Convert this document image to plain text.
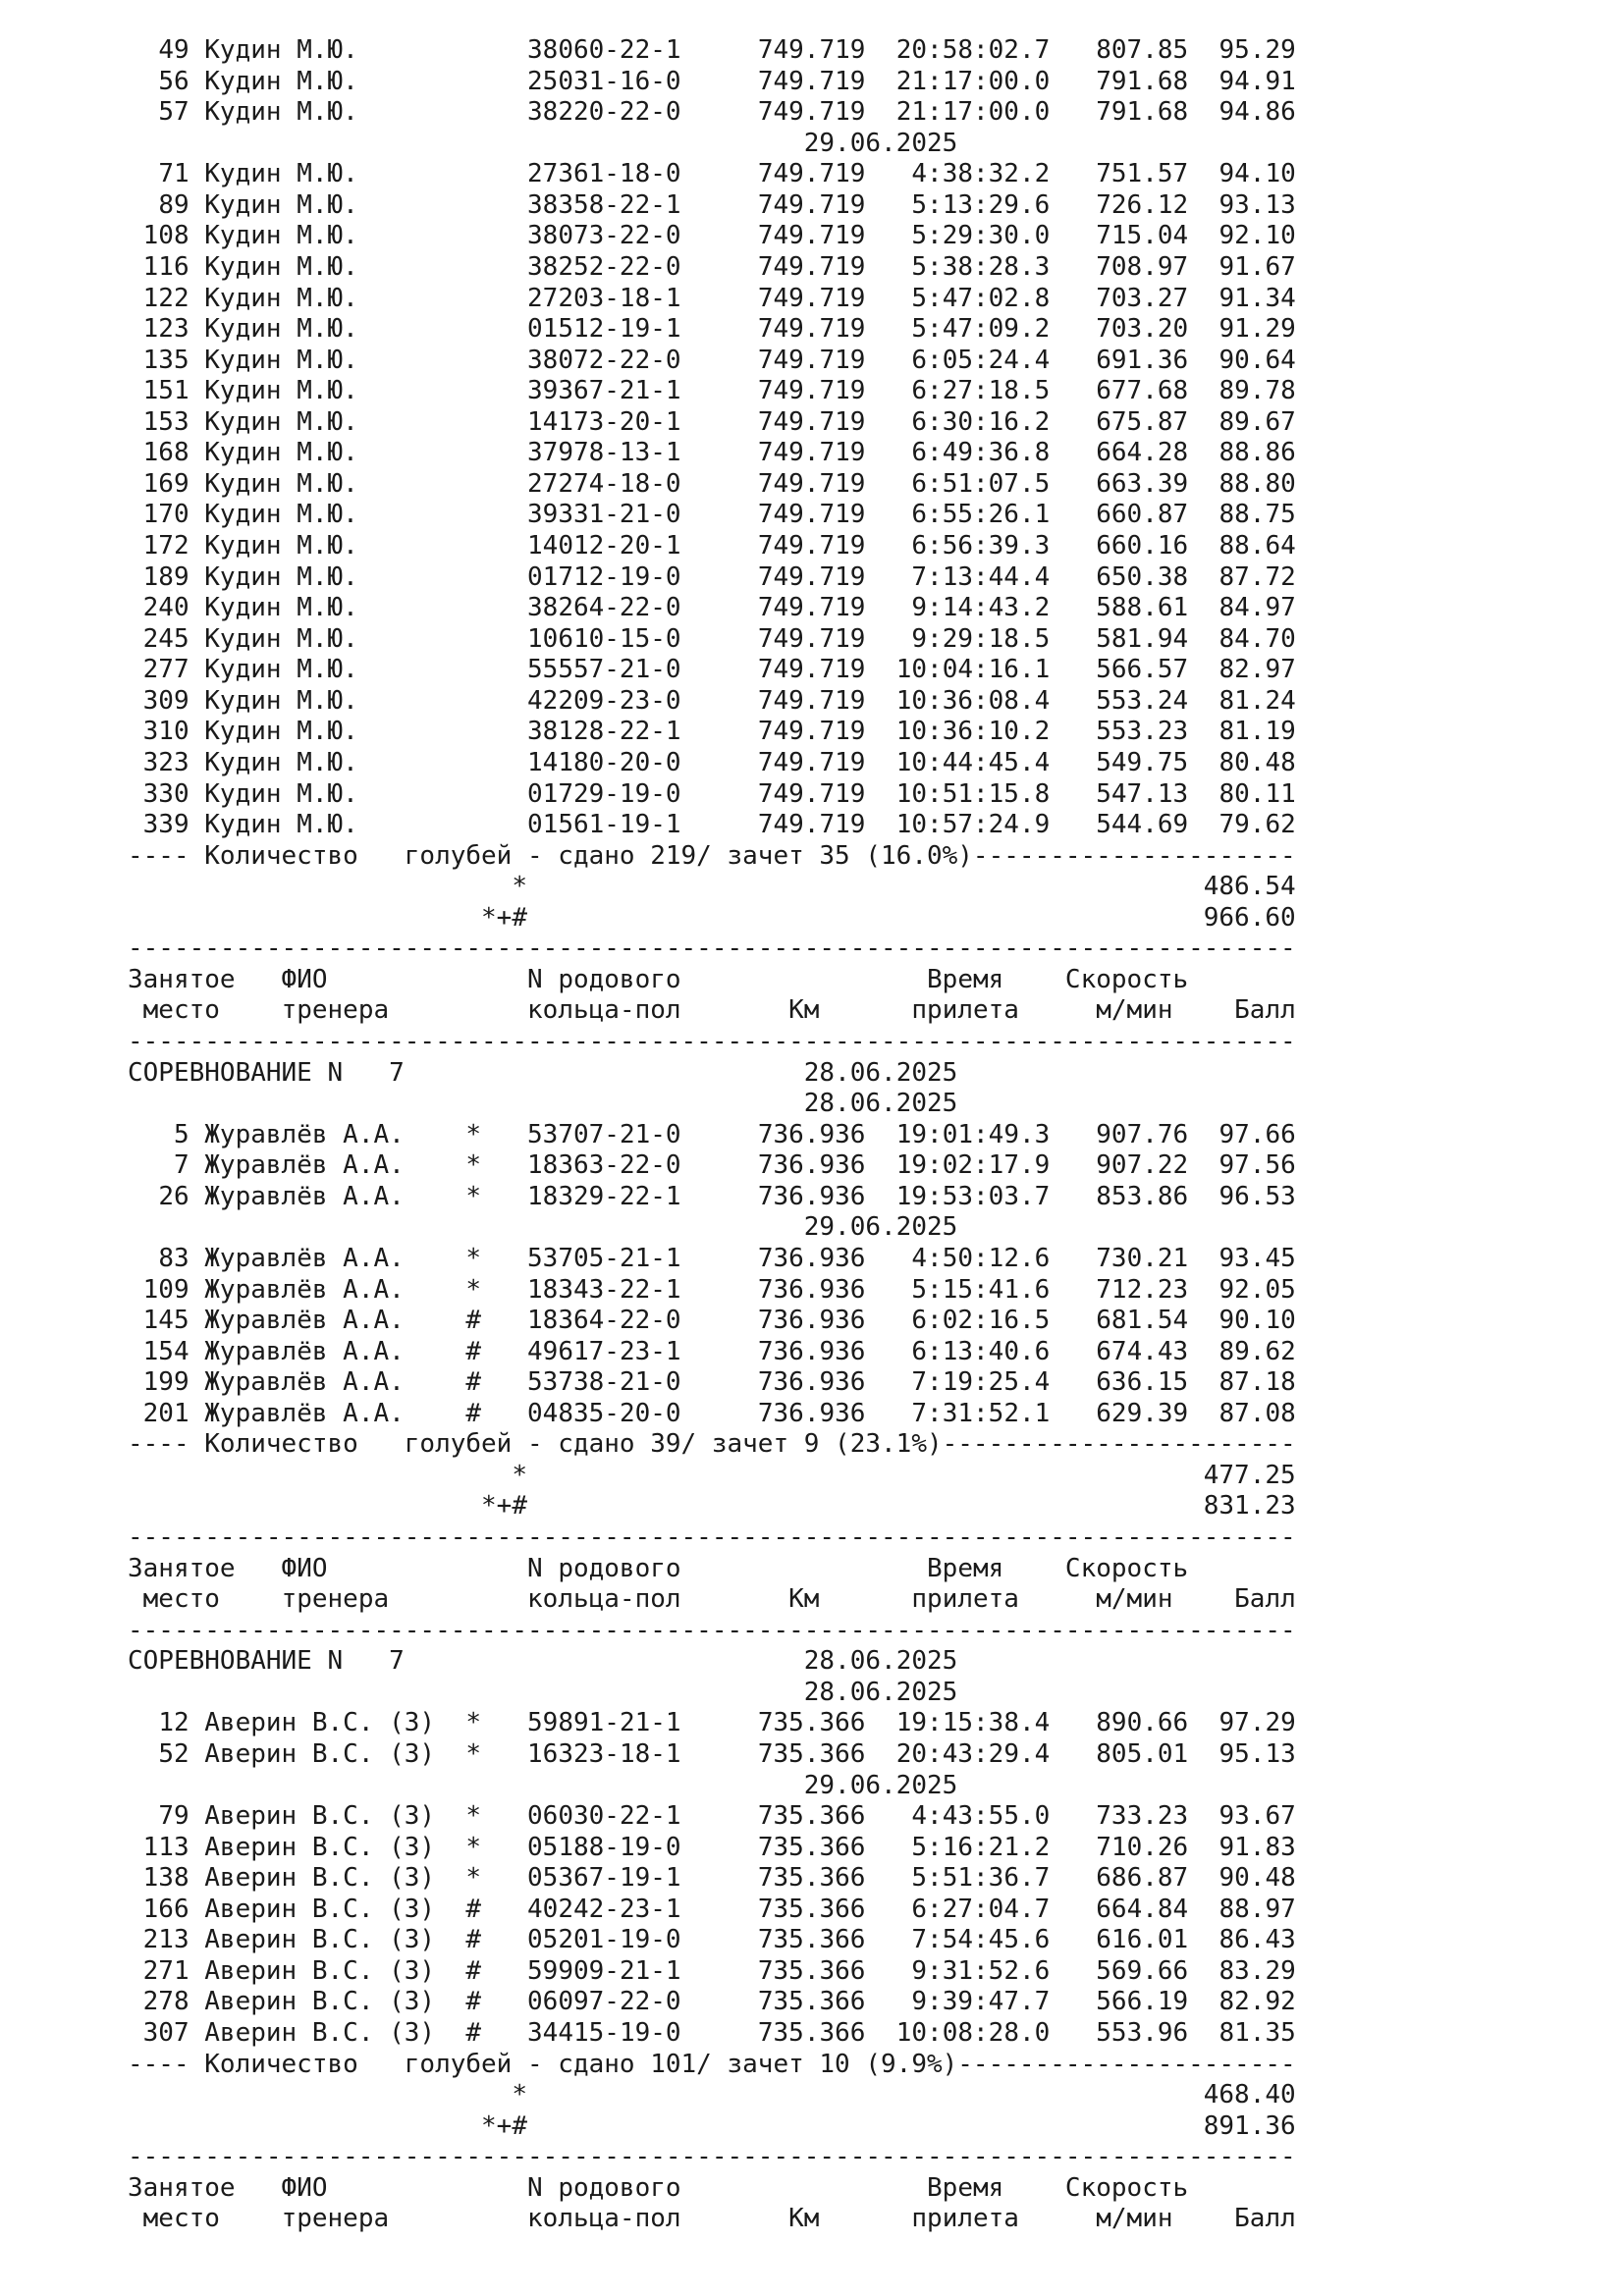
49 Кудин М.Ю.	38060-22-1	749.719 20:58:02.7 807.85 95.29
56 Кудин М.Ю.	25031-16-0	749.719 21:17:00.0 791.68 94.91
57 Кудин М.Ю.	38220-22-0	749.719 21:17:00.0 791.68 94.86
29.06.2025
71 Кудин М.Ю.	27361-18-0	749.719 4:38:32.2 751.57 94.10
89 Кудин М.Ю.	38358-22-1	749.719 5:13:29.6 726.12 93.13
108 Кудин М.Ю.	38073-22-0	749.719 5:29:30.0 715.04 92.10
116 Кудин М.Ю.	38252-22-0	749.719 5:38:28.3 708.97 91.67
122 Кудин М.Ю.	27203-18-1	749.719 5:47:02.8 703.27 91.34
123 Кудин М.Ю.	01512-19-1	749.719 5:47:09.2 703.20 91.29
135 Кудин М.Ю.	38072-22-0	749.719 6:05:24.4 691.36 90.64
151 Кудин М.Ю.	39367-21-1	749.719 6:27:18.5 677.68 89.78
153 Кудин М.Ю.	14173-20-1	749.719 6:30:16.2 675.87 89.67
168 Кудин М.Ю.	37978-13-1	749.719 6:49:36.8 664.28 88.86
169 Кудин М.Ю.	27274-18-0	749.719 6:51:07.5 663.39 88.80
170 Кудин М.Ю.	39331-21-0	749.719 6:55:26.1 660.87 88.75
172 Кудин М.Ю.	14012-20-1	749.719 6:56:39.3 660.16 88.64
189 Кудин М.Ю.	01712-19-0	749.719 7:13:44.4 650.38 87.72
240 Кудин М.Ю.	38264-22-0	749.719 9:14:43.2 588.61 84.97
245 Кудин М.Ю.	10610-15-0	749.719 9:29:18.5 581.94 84.70
277 Кудин М.Ю.	55557-21-0	749.719 10:04:16.1 566.57 82.97
309 Кудин М.Ю.	42209-23-0	749.719 10:36:08.4 553.24 81.24
310 Кудин М.Ю.	38128-22-1	749.719 10:36:10.2 553.23 81.19
323 Кудин М.Ю.	14180-20-0	749.719 10:44:45.4 549.75 80.48
330 Кудин М.Ю.	01729-19-0	749.719 10:51:15.8 547.13 80.11
339 Кудин М.Ю.	01561-19-1	749.719 10:57:24.9 544.69 79.62
---- Количество   голубей - сдано 219/ зачет 35 (16.0%)---------------------
*	486.54
*+#	966.60
----------------------------------------------------------------------------
Занятое ФИО	N родового	Время Скорость
место тренера	кольца-пол	Км	прилета	м/мин Балл
----------------------------------------------------------------------------
СОРЕВНОВАНИЕ N 7	28.06.2025
28.06.2025
5 Журавлёв А.А. * 53707-21-0	736.936 19:01:49.3 907.76 97.66
7 Журавлёв А.А. * 18363-22-0	736.936 19:02:17.9 907.22 97.56
26 Журавлёв А.А. * 18329-22-1	736.936 19:53:03.7 853.86 96.53
29.06.2025
83 Журавлёв А.А. * 53705-21-1	736.936 4:50:12.6 730.21 93.45
109 Журавлёв А.А. * 18343-22-1	736.936 5:15:41.6 712.23 92.05
145 Журавлёв А.А. # 18364-22-0	736.936 6:02:16.5 681.54 90.10
154 Журавлёв А.А. # 49617-23-1	736.936 6:13:40.6 674.43 89.62
199 Журавлёв А.А. # 53738-21-0	736.936 7:19:25.4 636.15 87.18
201 Журавлёв А.А. # 04835-20-0	736.936 7:31:52.1 629.39 87.08
---- Количество   голубей - сдано 39/ зачет 9 (23.1%)-----------------------
*	477.25
*+#	831.23
----------------------------------------------------------------------------
Занятое ФИО	N родового	Время Скорость
место тренера	кольца-пол	Км	прилета	м/мин Балл
----------------------------------------------------------------------------
СОРЕВНОВАНИЕ N 7	28.06.2025
28.06.2025
12 Аверин В.С. (З) * 59891-21-1	735.366 19:15:38.4 890.66 97.29
52 Аверин В.С. (З) * 16323-18-1	735.366 20:43:29.4 805.01 95.13
29.06.2025
79 Аверин В.С. (З) * 06030-22-1	735.366 4:43:55.0 733.23 93.67
113 Аверин В.С. (З) * 05188-19-0	735.366 5:16:21.2 710.26 91.83
138 Аверин В.С. (З) * 05367-19-1	735.366 5:51:36.7 686.87 90.48
166 Аверин В.С. (З) # 40242-23-1	735.366 6:27:04.7 664.84 88.97
213 Аверин В.С. (З) # 05201-19-0	735.366 7:54:45.6 616.01 86.43
271 Аверин В.С. (З) # 59909-21-1	735.366 9:31:52.6 569.66 83.29
278 Аверин В.С. (З) # 06097-22-0	735.366 9:39:47.7 566.19 82.92
307 Аверин В.С. (З) # 34415-19-0	735.366 10:08:28.0 553.96 81.35
---- Количество   голубей - сдано 101/ зачет 10 (9.9%)----------------------
*	468.40
*+#	891.36
----------------------------------------------------------------------------
Занятое ФИО	N родового	Время Скорость
место тренера	кольца-пол	Км	прилета	м/мин Балл
